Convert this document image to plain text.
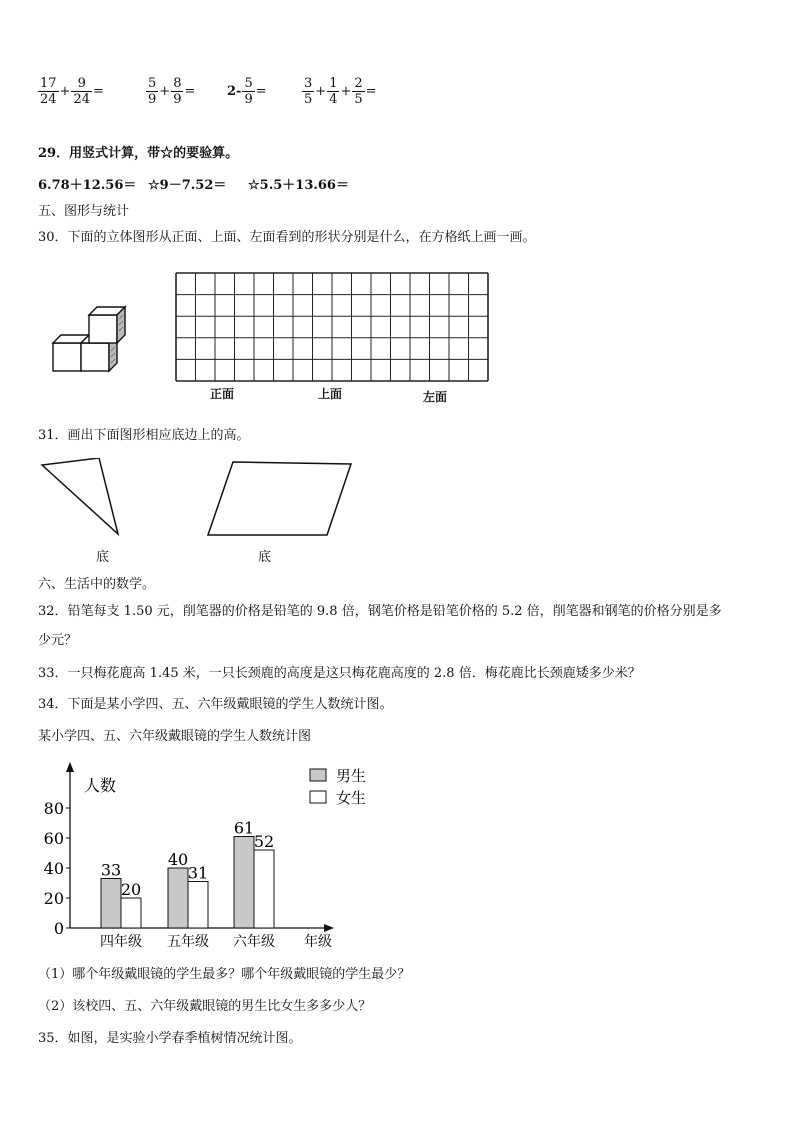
$\frac{17}{24} + \frac{9}{24}$ =	$\frac{5}{9} + \frac{8}{9} = 2- \frac{5}{9}$ =	$\frac{3}{5} + \frac{1}{4} + \frac{2}{5}$ =
29．用竖式计算，带☆的要验算。
6.78＋12.56＝ ☆9－7.52＝ ☆5.5＋13.66＝
五、图形与统计
30．下面的立体图形从正面、上面、左面看到的形状分别是什么，在方格纸上画一画。
正面	上面	左面
31．画出下面图形相应底边上的高。
底	底
六、生活中的数学。
32．铅笔每支 1.50 元，削笔器的价格是铅笔的 9.8 倍，钢笔价格是铅笔价格的 5.2 倍，削笔器和钢笔的价格分别是多
少元？
33．一只梅花鹿高 1.45 米，一只长颈鹿的高度是这只梅花鹿高度的 2.8 倍．梅花鹿比长颈鹿矮多少米？
34．下面是某小学四、五、六年级戴眼镜的学生人数统计图。
某小学四、五、六年级戴眼镜的学生人数统计图
人数
年级
0
20
40
60
80
33
20
四年级
40
31
五年级
61
52
六年级
男生
女生
（1）哪个年级戴眼镜的学生最多？哪个年级戴眼镜的学生最少？
（2）该校四、五、六年级戴眼镜的男生比女生多多少人？
35．如图，是实验小学春季植树情况统计图。
